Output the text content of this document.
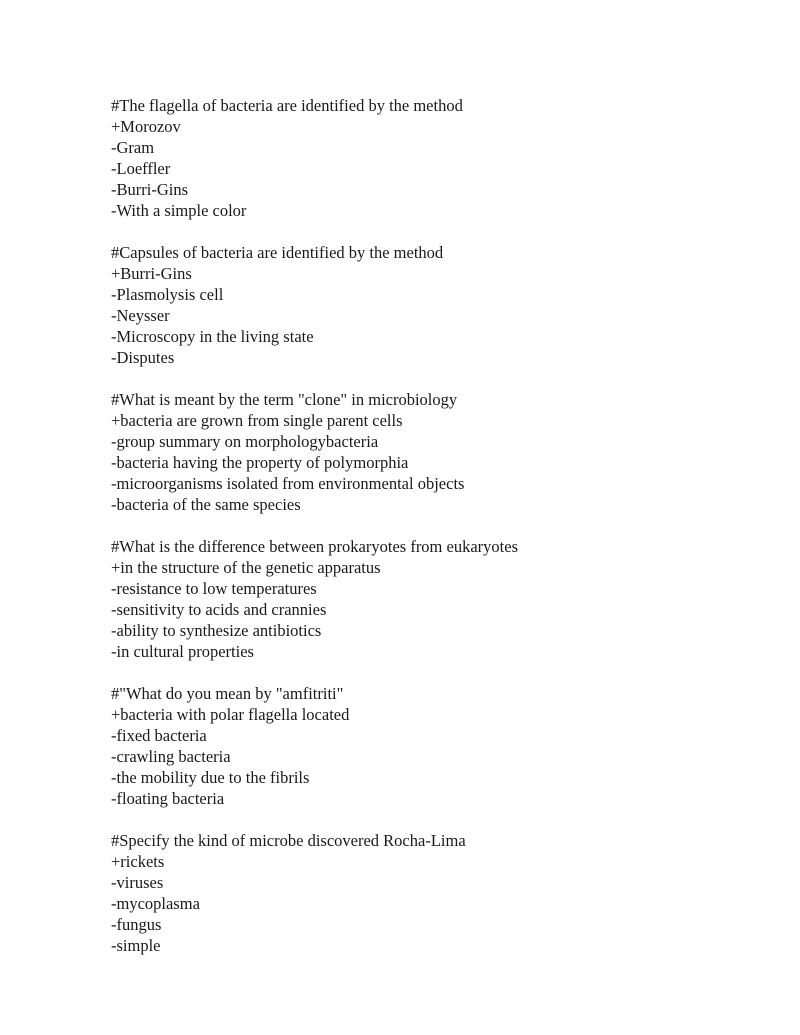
#The flagella of bacteria are identified by the method
+Morozov
-Gram
-Loeffler
-Burri-Gins
-With a simple color
#Capsules of bacteria are identified by the method
+Burri-Gins
-Plasmolysis cell
-Neysser
-Microscopy in the living state
-Disputes
#What is meant by the term "clone" in microbiology
+bacteria are grown from single parent cells
-group summary on morphologybacteria
-bacteria having the property of polymorphia
-microorganisms isolated from environmental objects
-bacteria of the same species
#What is the difference between prokaryotes from eukaryotes
+in the structure of the genetic apparatus
-resistance to low temperatures
-sensitivity to acids and crannies
-ability to synthesize antibiotics
-in cultural properties
#"What do you mean by "amfitriti"
+bacteria with polar flagella located
-fixed bacteria
-crawling bacteria
-the mobility due to the fibrils
-floating bacteria
#Specify the kind of microbe discovered Rocha-Lima
+rickets
-viruses
-mycoplasma
-fungus
-simple
